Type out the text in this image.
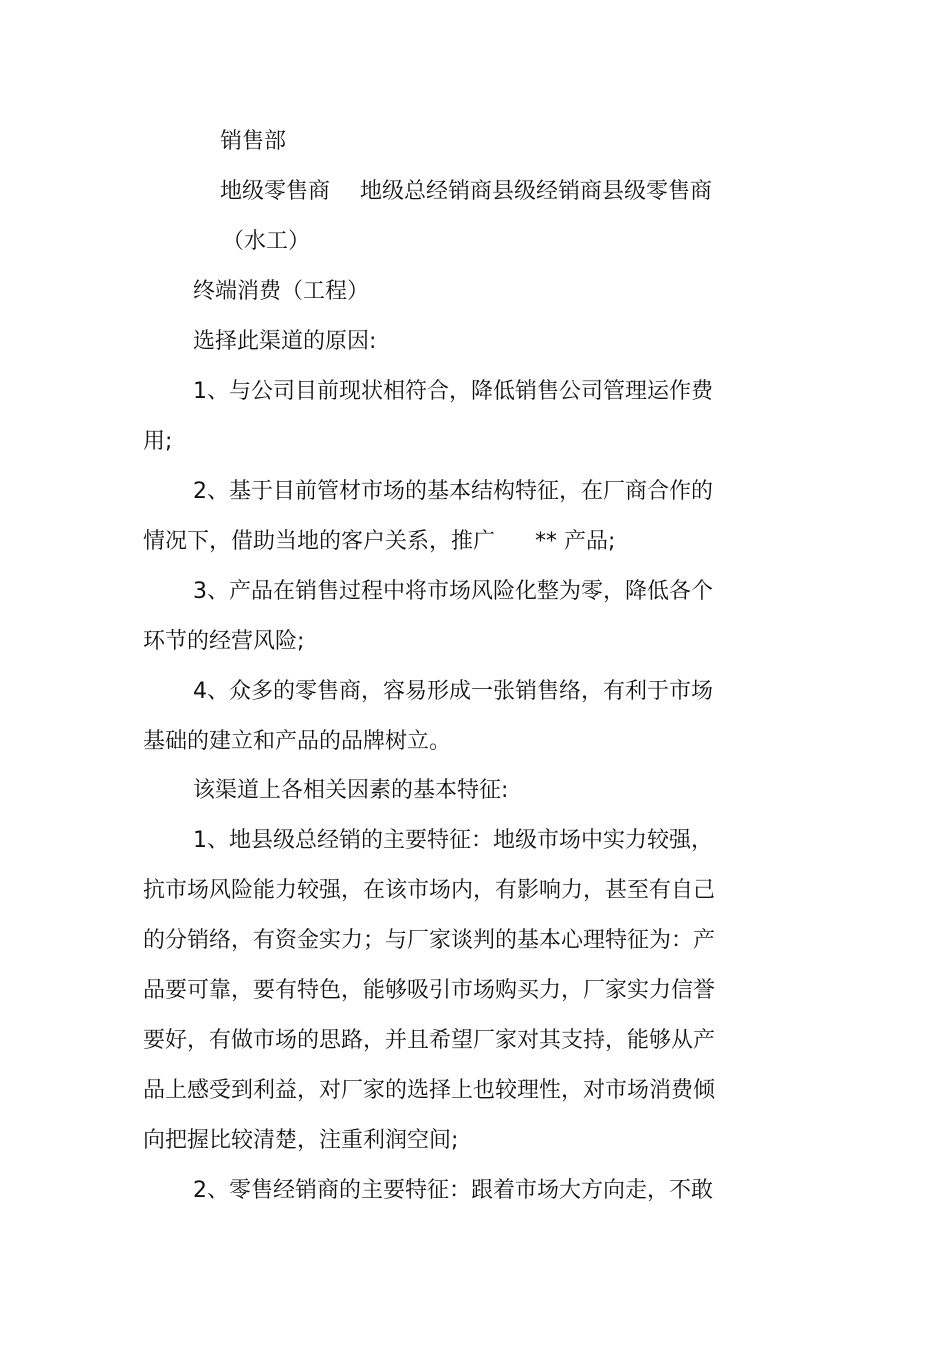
销售部

地级零售商 地级总经销商县级经销商县级零售商

（水工）

终端消费（工程）

选择此渠道的原因:

1、与公司目前现状相符合，降低销售公司管理运作费

用;

2、基于目前管材市场的基本结构特征，在厂商合作的

情况下，借助当地的客户关系，推广 ** 产品;

3、产品在销售过程中将市场风险化整为零，降低各个

环节的经营风险;

4、众多的零售商，容易形成一张销售络，有利于市场

基础的建立和产品的品牌树立。

该渠道上各相关因素的基本特征:

1、地县级总经销的主要特征：地级市场中实力较强，

抗市场风险能力较强，在该市场内，有影响力，甚至有自己

的分销络，有资金实力；与厂家谈判的基本心理特征为：产

品要可靠，要有特色，能够吸引市场购买力，厂家实力信誉

要好，有做市场的思路，并且希望厂家对其支持，能够从产

品上感受到利益，对厂家的选择上也较理性，对市场消费倾

向把握比较清楚，注重利润空间;

2、零售经销商的主要特征：跟着市场大方向走，不敢
